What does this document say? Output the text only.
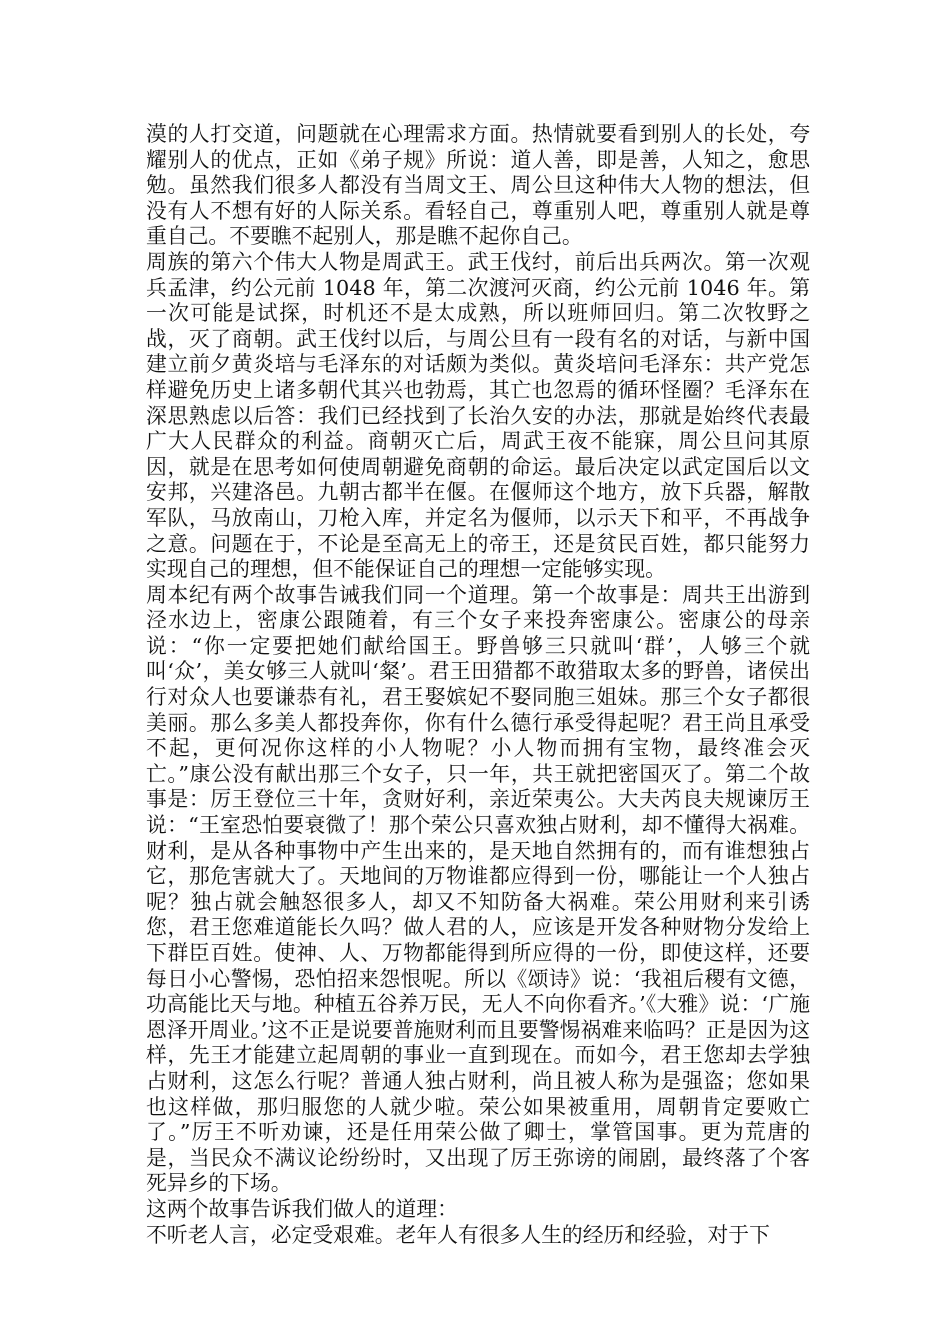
漠的人打交道，问题就在心理需求方面。热情就要看到别人的长处，夸耀别人的优点，正如《弟子规》所说：道人善，即是善，人知之，愈思勉。虽然我们很多人都没有当周文王、周公旦这种伟大人物的想法，但没有人不想有好的人际关系。看轻自己，尊重别人吧，尊重别人就是尊重自己。不要瞧不起别人，那是瞧不起你自己。

周族的第六个伟大人物是周武王。武王伐纣，前后出兵两次。第一次观兵孟津，约公元前 1048 年，第二次渡河灭商，约公元前 1046 年。第一次可能是试探，时机还不是太成熟，所以班师回归。第二次牧野之战，灭了商朝。武王伐纣以后，与周公旦有一段有名的对话，与新中国建立前夕黄炎培与毛泽东的对话颇为类似。黄炎培问毛泽东：共产党怎样避免历史上诸多朝代其兴也勃焉，其亡也忽焉的循环怪圈？毛泽东在深思熟虑以后答：我们已经找到了长治久安的办法，那就是始终代表最广大人民群众的利益。商朝灭亡后，周武王夜不能寐，周公旦问其原因，就是在思考如何使周朝避免商朝的命运。最后决定以武定国后以文安邦，兴建洛邑。九朝古都半在偃。在偃师这个地方，放下兵器，解散军队，马放南山，刀枪入库，并定名为偃师，以示天下和平，不再战争之意。问题在于，不论是至高无上的帝王，还是贫民百姓，都只能努力实现自己的理想，但不能保证自己的理想一定能够实现。

周本纪有两个故事告诫我们同一个道理。第一个故事是：周共王出游到泾水边上，密康公跟随着，有三个女子来投奔密康公。密康公的母亲说：“你一定要把她们献给国王。野兽够三只就叫‘群’，人够三个就叫‘众’，美女够三人就叫‘粲’。君王田猎都不敢猎取太多的野兽，诸侯出行对众人也要谦恭有礼，君王娶嫔妃不娶同胞三姐妹。那三个女子都很美丽。那么多美人都投奔你，你有什么德行承受得起呢？君王尚且承受不起，更何况你这样的小人物呢？小人物而拥有宝物，最终准会灭亡。”康公没有献出那三个女子，只一年，共王就把密国灭了。第二个故事是：厉王登位三十年，贪财好利，亲近荣夷公。大夫芮良夫规谏厉王说：“王室恐怕要衰微了！那个荣公只喜欢独占财利，却不懂得大祸难。财利，是从各种事物中产生出来的，是天地自然拥有的，而有谁想独占它，那危害就大了。天地间的万物谁都应得到一份，哪能让一个人独占呢？独占就会触怒很多人，却又不知防备大祸难。荣公用财利来引诱您，君王您难道能长久吗？做人君的人，应该是开发各种财物分发给上下群臣百姓。使神、人、万物都能得到所应得的一份，即使这样，还要每日小心警惕，恐怕招来怨恨呢。所以《颂诗》说：‘我祖后稷有文德，功高能比天与地。种植五谷养万民，无人不向你看齐。’《大雅》说：‘广施恩泽开周业。’这不正是说要普施财利而且要警惕祸难来临吗？正是因为这样，先王才能建立起周朝的事业一直到现在。而如今，君王您却去学独占财利，这怎么行呢？普通人独占财利，尚且被人称为是强盗；您如果也这样做，那归服您的人就少啦。荣公如果被重用，周朝肯定要败亡了。”厉王不听劝谏，还是任用荣公做了卿士，掌管国事。更为荒唐的是，当民众不满议论纷纷时，又出现了厉王弥谤的闹剧，最终落了个客死异乡的下场。

这两个故事告诉我们做人的道理：

不听老人言，必定受艰难。老年人有很多人生的经历和经验，对于下
